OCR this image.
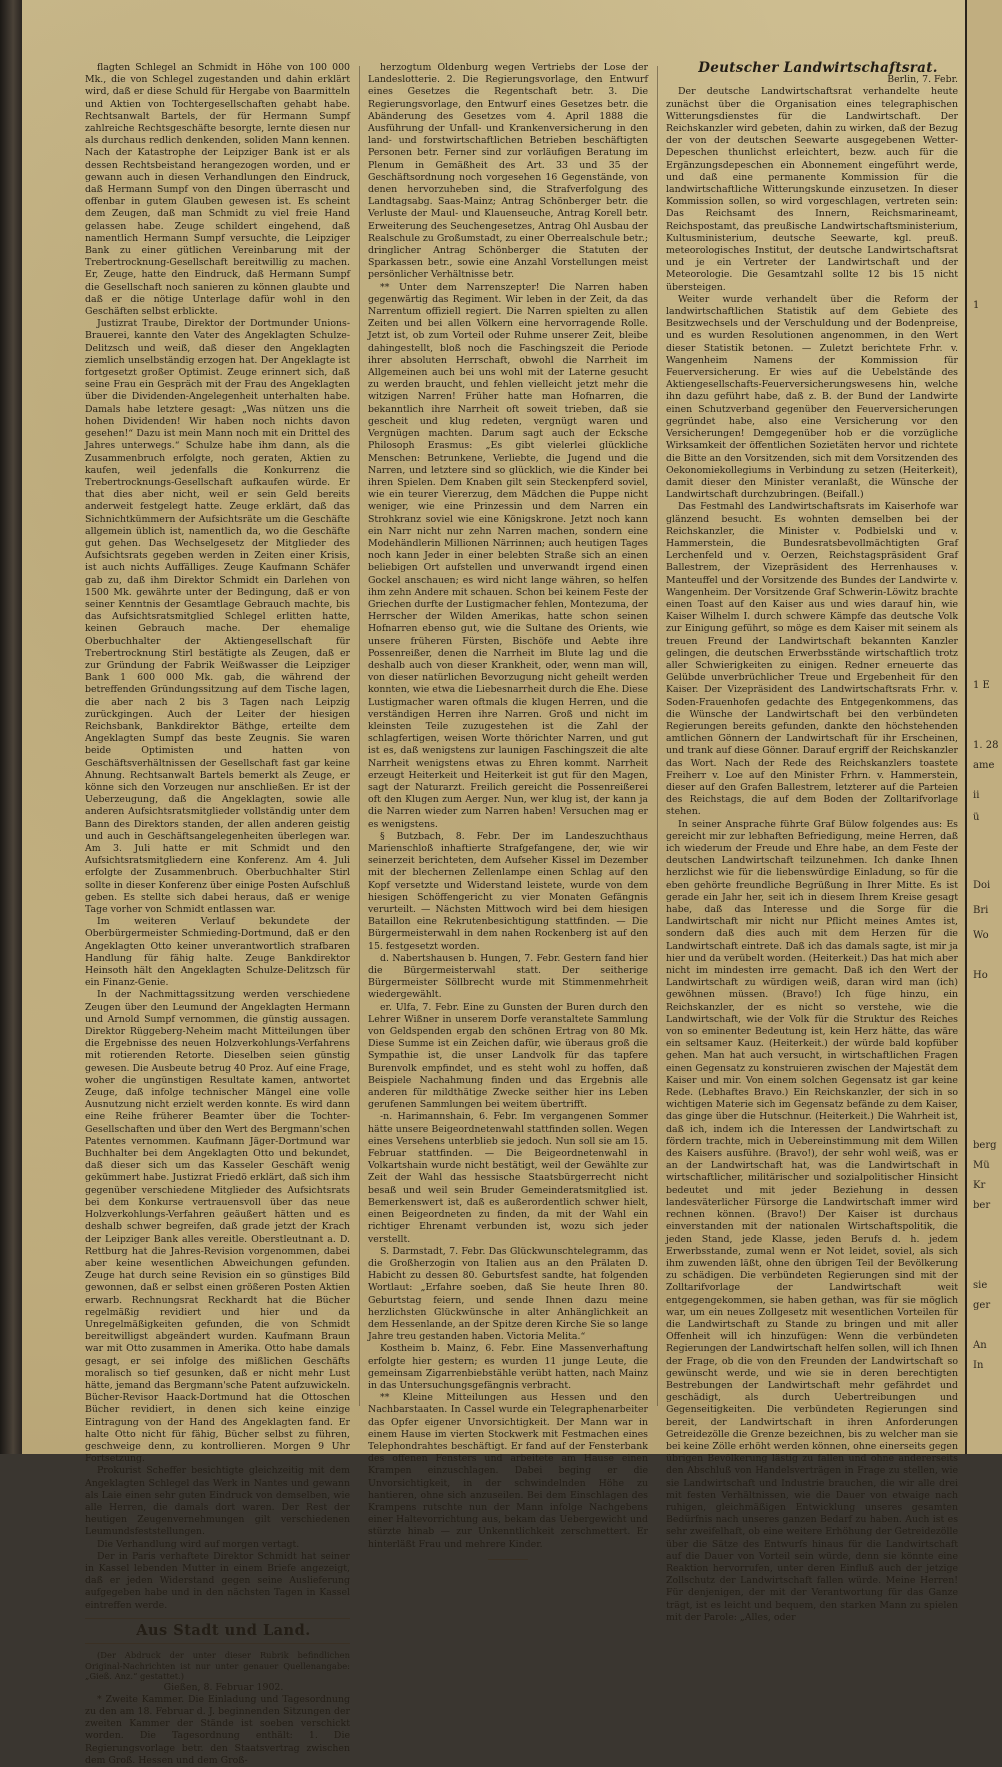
flagten Schlegel an Schmidt in Höhe von 100 000 Mk., die von Schlegel zugestanden und dahin erklärt wird, daß er diese Schuld für Hergabe von Baarmitteln und Aktien von Tochtergesellschaften gehabt habe. Rechtsanwalt Bartels, der für Hermann Sumpf zahlreiche Rechtsgeschäfte besorgte, lernte diesen nur als durchaus redlich denkenden, soliden Mann kennen. Nach der Katastrophe der Leipziger Bank ist er als dessen Rechtsbeistand herangezogen worden, und er gewann auch in diesen Verhandlungen den Eindruck, daß Hermann Sumpf von den Dingen überrascht und offenbar in gutem Glauben gewesen ist. Es scheint dem Zeugen, daß man Schmidt zu viel freie Hand gelassen habe. Zeuge schildert eingehend, daß namentlich Hermann Sumpf versuchte, die Leipziger Bank zu einer gütlichen Vereinbarung mit der Trebertrocknung-Gesellschaft bereitwillig zu machen. Er, Zeuge, hatte den Eindruck, daß Hermann Sumpf die Gesellschaft noch sanieren zu können glaubte und daß er die nötige Unterlage dafür wohl in den Geschäften selbst erblickte.

Justizrat Traube, Direktor der Dortmunder Unions-Brauerei, kannte den Vater des Angeklagten Schulze-Delitzsch und weiß, daß dieser den Angeklagten ziemlich unselbständig erzogen hat. Der Angeklagte ist fortgesetzt großer Optimist. Zeuge erinnert sich, daß seine Frau ein Gespräch mit der Frau des Angeklagten über die Dividenden-Angelegenheit unterhalten habe. Damals habe letztere gesagt: „Was nützen uns die hohen Dividenden! Wir haben noch nichts davon gesehen!“ Dazu ist mein Mann noch mit ein Drittel des Jahres unterwegs.“ Schulze habe ihm dann, als die Zusammenbruch erfolgte, noch geraten, Aktien zu kaufen, weil jedenfalls die Konkurrenz die Trebertrocknungs-Gesellschaft aufkaufen würde. Er that dies aber nicht, weil er sein Geld bereits anderweit festgelegt hatte. Zeuge erklärt, daß das Sichnichtkümmern der Aufsichtsräte um die Geschäfte allgemein üblich ist, namentlich da, wo die Geschäfte gut gehen. Das Wechselgesetz der Mitglieder des Aufsichtsrats gegeben werden in Zeiten einer Krisis, ist auch nichts Auffälliges. Zeuge Kaufmann Schäfer gab zu, daß ihm Direktor Schmidt ein Darlehen von 1500 Mk. gewährte unter der Bedingung, daß er von seiner Kenntnis der Gesamtlage Gebrauch machte, bis das Aufsichtsratsmitglied Schlegel erlitten hatte, keinen Gebrauch mache. Der ehemalige Oberbuchhalter der Aktiengesellschaft für Trebertrocknung Stirl bestätigte als Zeugen, daß er zur Gründung der Fabrik Weißwasser die Leipziger Bank 1 600 000 Mk. gab, die während der betreffenden Gründungssitzung auf dem Tische lagen, die aber nach 2 bis 3 Tagen nach Leipzig zurückgingen. Auch der Leiter der hiesigen Reichsbank, Bankdirektor Bäthge, erteilte dem Angeklagten Sumpf das beste Zeugnis. Sie waren beide Optimisten und hatten von Geschäftsverhältnissen der Gesellschaft fast gar keine Ahnung. Rechtsanwalt Bartels bemerkt als Zeuge, er könne sich den Vorzeugen nur anschließen. Er ist der Ueberzeugung, daß die Angeklagten, sowie alle anderen Aufsichtsratsmitglieder vollständig unter dem Bann des Direktors standen, der allen anderen geistig und auch in Geschäftsangelegenheiten überlegen war. Am 3. Juli hatte er mit Schmidt und den Aufsichtsratsmitgliedern eine Konferenz. Am 4. Juli erfolgte der Zusammenbruch. Oberbuchhalter Stirl sollte in dieser Konferenz über einige Posten Aufschluß geben. Es stellte sich dabei heraus, daß er wenige Tage vorher von Schmidt entlassen war.

Im weiteren Verlauf bekundete der Oberbürgermeister Schmieding-Dortmund, daß er den Angeklagten Otto keiner unverantwortlich strafbaren Handlung für fähig halte. Zeuge Bankdirektor Heinsoth hält den Angeklagten Schulze-Delitzsch für ein Finanz-Genie.

In der Nachmittagssitzung werden verschiedene Zeugen über den Leumund der Angeklagten Hermann und Arnold Sumpf vernommen, die günstig aussagen. Direktor Rüggeberg-Neheim macht Mitteilungen über die Ergebnisse des neuen Holzverkohlungs-Verfahrens mit rotierenden Retorte. Dieselben seien günstig gewesen. Die Ausbeute betrug 40 Proz. Auf eine Frage, woher die ungünstigen Resultate kamen, antwortet Zeuge, daß infolge technischer Mängel eine volle Ausnutzung nicht erzielt werden konnte. Es wird dann eine Reihe früherer Beamter über die Tochter-Gesellschaften und über den Wert des Bergmann'schen Patentes vernommen. Kaufmann Jäger-Dortmund war Buchhalter bei dem Angeklagten Otto und bekundet, daß dieser sich um das Kasseler Geschäft wenig gekümmert habe. Justizrat Friedö erklärt, daß sich ihm gegenüber verschiedene Mitglieder des Aufsichtsrats bei dem Konkurse vertrauensvoll über das neue Holzverkohlungs-Verfahren geäußert hätten und es deshalb schwer begreifen, daß grade jetzt der Krach der Leipziger Bank alles vereitle. Oberstleutnant a. D. Rettburg hat die Jahres-Revision vorgenommen, dabei aber keine wesentlichen Abweichungen gefunden. Zeuge hat durch seine Revision ein so günstiges Bild gewonnen, daß er selbst einen größeren Posten Aktien erwarb. Rechnungsrat Reckhardt hat die Bücher regelmäßig revidiert und hier und da Unregelmäßigkeiten gefunden, die von Schmidt bereitwilligst abgeändert wurden. Kaufmann Braun war mit Otto zusammen in Amerika. Otto habe damals gesagt, er sei infolge des mißlichen Geschäfts moralisch so tief gesunken, daß er nicht mehr Lust hätte, jemand das Bergmann'sche Patent aufzuwickeln. Bücher-Revisor Haack-Dortmund hat die Ottoschen Bücher revidiert, in denen sich keine einzige Eintragung von der Hand des Angeklagten fand. Er halte Otto nicht für fähig, Bücher selbst zu führen, geschweige denn, zu kontrollieren. Morgen 9 Uhr Fortsetzung.

Prokurist Scheffer besichtigte gleichzeitig mit dem Angeklagten Schlegel das Werk in Nantes und gewann als Laie einen sehr guten Eindruck von demselben, wie alle Herren, die damals dort waren. Der Rest der heutigen Zeugenvernehmungen gilt verschiedenen Leumundsfeststellungen.

Die Verhandlung wird auf morgen vertagt.

Der in Paris verhaftete Direktor Schmidt hat seiner in Kassel lebenden Mutter in einem Briefe angezeigt, daß er jeden Widerstand gegen seine Auslieferung aufgegeben habe und in den nächsten Tagen in Kassel eintreffen werde.

Aus Stadt und Land.

(Der Abdruck der unter dieser Rubrik befindlichen Original-Nachrichten ist nur unter genauer Quellenangabe: „Gieß. Anz.“ gestattet.)

Gießen, 8. Februar 1902.

* Zweite Kammer. Die Einladung und Tagesordnung zu den am 18. Februar d. J. beginnenden Sitzungen der zweiten Kammer der Stände ist soeben verschickt worden. Die Tagesordnung enthält: 1. Die Regierungsvorlage betr. den Staatsvertrag zwischen dem Groß. Hessen und dem Groß-

herzogtum Oldenburg wegen Vertriebs der Lose der Landeslotterie. 2. Die Regierungsvorlage, den Entwurf eines Gesetzes die Regentschaft betr. 3. Die Regierungsvorlage, den Entwurf eines Gesetzes betr. die Abänderung des Gesetzes vom 4. April 1888 die Ausführung der Unfall- und Krankenversicherung in den land- und forstwirtschaftlichen Betrieben beschäftigten Personen betr. Ferner sind zur vorläufigen Beratung im Plenum in Gemäßheit des Art. 33 und 35 der Geschäftsordnung noch vorgesehen 16 Gegenstände, von denen hervorzuheben sind, die Strafverfolgung des Landtagsabg. Saas-Mainz; Antrag Schönberger betr. die Verluste der Maul- und Klauenseuche, Antrag Korell betr. Erweiterung des Seuchengesetzes, Antrag Ohl Ausbau der Realschule zu Großumstadt, zu einer Oberrealschule betr.; dringlicher Antrag Schönberger die Statuten der Sparkassen betr., sowie eine Anzahl Vorstellungen meist persönlicher Verhältnisse betr.

** Unter dem Narrenszepter! Die Narren haben gegenwärtig das Regiment. Wir leben in der Zeit, da das Narrentum offiziell regiert. Die Narren spielten zu allen Zeiten und bei allen Völkern eine hervorragende Rolle. Jetzt ist, ob zum Vorteil oder Ruhme unserer Zeit, bleibe dahingestellt, bloß noch die Faschingszeit die Periode ihrer absoluten Herrschaft, obwohl die Narrheit im Allgemeinen auch bei uns wohl mit der Laterne gesucht zu werden braucht, und fehlen vielleicht jetzt mehr die witzigen Narren! Früher hatte man Hofnarren, die bekanntlich ihre Narrheit oft soweit trieben, daß sie gescheit und klug redeten, vergnügt waren und Vergnügen machten. Darum sagt auch der Ecksche Philosoph Erasmus: „Es gibt vielerlei glückliche Menschen: Betrunkene, Verliebte, die Jugend und die Narren, und letztere sind so glücklich, wie die Kinder bei ihren Spielen. Dem Knaben gilt sein Steckenpferd soviel, wie ein teurer Viererzug, dem Mädchen die Puppe nicht weniger, wie eine Prinzessin und dem Narren ein Strohkranz soviel wie eine Königskrone. Jetzt noch kann ein Narr nicht nur zehn Narren machen, sondern eine Modehändlerin Millionen Närrinnen; auch heutigen Tages noch kann Jeder in einer belebten Straße sich an einen beliebigen Ort aufstellen und unverwandt irgend einen Gockel anschauen; es wird nicht lange währen, so helfen ihm zehn Andere mit schauen. Schon bei keinem Feste der Griechen durfte der Lustigmacher fehlen, Montezuma, der Herrscher der Wilden Amerikas, hatte schon seinen Hofnarren ebenso gut, wie die Sultane des Orients, wie unsere früheren Fürsten, Bischöfe und Aebte ihre Possenreißer, denen die Narrheit im Blute lag und die deshalb auch von dieser Krankheit, oder, wenn man will, von dieser natürlichen Bevorzugung nicht geheilt werden konnten, wie etwa die Liebesnarrheit durch die Ehe. Diese Lustigmacher waren oftmals die klugen Herren, und die verständigen Herren ihre Narren. Groß und nicht im kleinsten Teile zuzugestehen ist die Zahl der schlagfertigen, weisen Worte thörichter Narren, und gut ist es, daß wenigstens zur launigen Faschingszeit die alte Narrheit wenigstens etwas zu Ehren kommt. Narrheit erzeugt Heiterkeit und Heiterkeit ist gut für den Magen, sagt der Naturarzt. Freilich gereicht die Possenreißerei oft den Klugen zum Aerger. Nun, wer klug ist, der kann ja die Narren wieder zum Narren haben! Versuchen mag er es wenigstens.

§ Butzbach, 8. Febr. Der im Landeszuchthaus Marienschloß inhaftierte Strafgefangene, der, wie wir seinerzeit berichteten, dem Aufseher Kissel im Dezember mit der blechernen Zellenlampe einen Schlag auf den Kopf versetzte und Widerstand leistete, wurde von dem hiesigen Schöffengericht zu vier Monaten Gefängnis verurteilt. — Nächsten Mittwoch wird bei dem hiesigen Bataillon eine Rekrutenbesichtigung stattfinden. — Die Bürgermeisterwahl in dem nahen Rockenberg ist auf den 15. festgesetzt worden.

d. Nabertshausen b. Hungen, 7. Febr. Gestern fand hier die Bürgermeisterwahl statt. Der seitherige Bürgermeister Söllbrecht wurde mit Stimmenmehrheit wiedergewählt.

er. Ulfa, 7. Febr. Eine zu Gunsten der Buren durch den Lehrer Wißner in unserem Dorfe veranstaltete Sammlung von Geldspenden ergab den schönen Ertrag von 80 Mk. Diese Summe ist ein Zeichen dafür, wie überaus groß die Sympathie ist, die unser Landvolk für das tapfere Burenvolk empfindet, und es steht wohl zu hoffen, daß Beispiele Nachahmung finden und das Ergebnis alle anderen für mildthätige Zwecke seither hier ins Leben gerufenen Sammlungen bei weitem übertrifft.

-n. Harimannshain, 6. Febr. Im vergangenen Sommer hätte unsere Beigeordnetenwahl stattfinden sollen. Wegen eines Versehens unterblieb sie jedoch. Nun soll sie am 15. Februar stattfinden. — Die Beigeordnetenwahl in Volkartshain wurde nicht bestätigt, weil der Gewählte zur Zeit der Wahl das hessische Staatsbürgerrecht nicht besaß und weil sein Bruder Gemeinderatsmitglied ist. Bemerkenswert ist, daß es außerordentlich schwer hielt, einen Beigeordneten zu finden, da mit der Wahl ein richtiger Ehrenamt verbunden ist, wozu sich jeder verstellt.

S. Darmstadt, 7. Febr. Das Glückwunschtelegramm, das die Großherzogin von Italien aus an den Prälaten D. Habicht zu dessen 80. Geburtsfest sandte, hat folgenden Wortlaut: „Erfahre soeben, daß Sie heute Ihren 80. Geburtstag feiern, und sende Ihnen dazu meine herzlichsten Glückwünsche in alter Anhänglichkeit an dem Hessenlande, an der Spitze deren Kirche Sie so lange Jahre treu gestanden haben. Victoria Melita.“

Kostheim b. Mainz, 6. Febr. Eine Massenverhaftung erfolgte hier gestern; es wurden 11 junge Leute, die gemeinsam Zigarrenbiebstähle verübt hatten, nach Mainz in das Untersuchungsgefängnis verbracht.

** Kleine Mitteilungen aus Hessen und den Nachbarstaaten. In Cassel wurde ein Telegraphenarbeiter das Opfer eigener Unvorsichtigkeit. Der Mann war in einem Hause im vierten Stockwerk mit Festmachen eines Telephondrahtes beschäftigt. Er fand auf der Fensterbank des offenen Fensters und arbeitete am Hause einen Krampen einzuschlagen. Dabei beging er die Unvorsichtigkeit, in der schwindelnden Höhe zu hantieren, ohne sich anzuseilen. Bei dem Einschlagen des Krampens rutschte nun der Mann infolge Nachgebens einer Haltevorrichtung aus, bekam das Uebergewicht und stürzte hinab — zur Unkenntlichkeit zerschmettert. Er hinterläßt Frau und mehrere Kinder.

Deutscher Landwirtschaftsrat.

Berlin, 7. Febr.

Der deutsche Landwirtschaftsrat verhandelte heute zunächst über die Organisation eines telegraphischen Witterungsdienstes für die Landwirtschaft. Der Reichskanzler wird gebeten, dahin zu wirken, daß der Bezug der von der deutschen Seewarte ausgegebenen Wetter-Depeschen thunlichst erleichtert, bezw. auch für die Ergänzungsdepeschen ein Abonnement eingeführt werde, und daß eine permanente Kommission für die landwirtschaftliche Witterungskunde einzusetzen. In dieser Kommission sollen, so wird vorgeschlagen, vertreten sein: Das Reichsamt des Innern, Reichsmarineamt, Reichspostamt, das preußische Landwirtschaftsministerium, Kultusministerium, deutsche Seewarte, kgl. preuß. meteorologisches Institut, der deutsche Landwirtschaftsrat und je ein Vertreter der Landwirtschaft und der Meteorologie. Die Gesamtzahl sollte 12 bis 15 nicht übersteigen.

Weiter wurde verhandelt über die Reform der landwirtschaftlichen Statistik auf dem Gebiete des Besitzwechsels und der Verschuldung und der Bodenpreise, und es wurden Resolutionen angenommen, in den Wert dieser Statistik betonen. — Zuletzt berichtete Frhr. v. Wangenheim Namens der Kommission für Feuerversicherung. Er wies auf die Uebelstände des Aktiengesellschafts-Feuerversicherungswesens hin, welche ihn dazu geführt habe, daß z. B. der Bund der Landwirte einen Schutzverband gegenüber den Feuerversicherungen gegründet habe, also eine Versicherung vor den Versicherungen! Demgegenüber hob er die vorzügliche Wirksamkeit der öffentlichen Sozietäten hervor und richtete die Bitte an den Vorsitzenden, sich mit dem Vorsitzenden des Oekonomiekollegiums in Verbindung zu setzen (Heiterkeit), damit dieser den Minister veranlaßt, die Wünsche der Landwirtschaft durchzubringen. (Beifall.)

Das Festmahl des Landwirtschaftsrats im Kaiserhofe war glänzend besucht. Es wohnten demselben bei der Reichskanzler, die Minister v. Podbielski und v. Hammerstein, die Bundesratsbevollmächtigten Graf Lerchenfeld und v. Oerzen, Reichstagspräsident Graf Ballestrem, der Vizepräsident des Herrenhauses v. Manteuffel und der Vorsitzende des Bundes der Landwirte v. Wangenheim. Der Vorsitzende Graf Schwerin-Löwitz brachte einen Toast auf den Kaiser aus und wies darauf hin, wie Kaiser Wilhelm I. durch schwere Kämpfe das deutsche Volk zur Einigung geführt, so möge es dem Kaiser mit seinem als treuen Freund der Landwirtschaft bekannten Kanzler gelingen, die deutschen Erwerbsstände wirtschaftlich trotz aller Schwierigkeiten zu einigen. Redner erneuerte das Gelübde unverbrüchlicher Treue und Ergebenheit für den Kaiser. Der Vizepräsident des Landwirtschaftsrats Frhr. v. Soden-Frauenhofen gedachte des Entgegenkommens, das die Wünsche der Landwirtschaft bei den verbündeten Regierungen bereits gefunden, dankte den höchstehenden amtlichen Gönnern der Landwirtschaft für ihr Erscheinen, und trank auf diese Gönner. Darauf ergriff der Reichskanzler das Wort. Nach der Rede des Reichskanzlers toastete Freiherr v. Loe auf den Minister Frhrn. v. Hammerstein, dieser auf den Grafen Ballestrem, letzterer auf die Parteien des Reichstags, die auf dem Boden der Zolltarifvorlage stehen.

In seiner Ansprache führte Graf Bülow folgendes aus: Es gereicht mir zur lebhaften Befriedigung, meine Herren, daß ich wiederum der Freude und Ehre habe, an dem Feste der deutschen Landwirtschaft teilzunehmen. Ich danke Ihnen herzlichst wie für die liebenswürdige Einladung, so für die eben gehörte freundliche Begrüßung in Ihrer Mitte. Es ist gerade ein Jahr her, seit ich in diesem Ihrem Kreise gesagt habe, daß das Interesse und die Sorge für die Landwirtschaft mir nicht nur Pflicht meines Amtes ist, sondern daß dies auch mit dem Herzen für die Landwirtschaft eintrete. Daß ich das damals sagte, ist mir ja hier und da verübelt worden. (Heiterkeit.) Das hat mich aber nicht im mindesten irre gemacht. Daß ich den Wert der Landwirtschaft zu würdigen weiß, daran wird man (ich) gewöhnen müssen. (Bravo!) Ich füge hinzu, ein Reichskanzler, der es nicht so verstehe, wie die Landwirtschaft, wie der Volk für die Struktur des Reiches von so eminenter Bedeutung ist, kein Herz hätte, das wäre ein seltsamer Kauz. (Heiterkeit.) der würde bald kopfüber gehen. Man hat auch versucht, in wirtschaftlichen Fragen einen Gegensatz zu konstruieren zwischen der Majestät dem Kaiser und mir. Von einem solchen Gegensatz ist gar keine Rede. (Lebhaftes Bravo.) Ein Reichskanzler, der sich in so wichtigen Materie sich im Gegensatz befände zu dem Kaiser, das ginge über die Hutschnur. (Heiterkeit.) Die Wahrheit ist, daß ich, indem ich die Interessen der Landwirtschaft zu fördern trachte, mich in Uebereinstimmung mit dem Willen des Kaisers ausführe. (Bravo!), der sehr wohl weiß, was er an der Landwirtschaft hat, was die Landwirtschaft in wirtschaftlicher, militärischer und sozialpolitischer Hinsicht bedeutet und mit jeder Beziehung in dessen landesväterlicher Fürsorge die Landwirtschaft immer wird rechnen können. (Bravo!) Der Kaiser ist durchaus einverstanden mit der nationalen Wirtschaftspolitik, die jeden Stand, jede Klasse, jeden Berufs d. h. jedem Erwerbsstande, zumal wenn er Not leidet, soviel, als sich ihm zuwenden läßt, ohne den übrigen Teil der Bevölkerung zu schädigen. Die verbündeten Regierungen sind mit der Zolltarifvorlage der Landwirtschaft weit entgegengekommen, sie haben gethan, was für sie möglich war, um ein neues Zollgesetz mit wesentlichen Vorteilen für die Landwirtschaft zu Stande zu bringen und mit aller Offenheit will ich hinzufügen: Wenn die verbündeten Regierungen der Landwirtschaft helfen sollen, will ich Ihnen der Frage, ob die von den Freunden der Landwirtschaft so gewünscht werde, und wie sie in deren berechtigten Bestrebungen der Landwirtschaft mehr gefährdet und geschädigt, als durch Uebertreibungen und Gegenseitigkeiten. Die verbündeten Regierungen sind bereit, der Landwirtschaft in ihren Anforderungen Getreidezölle die Grenze bezeichnen, bis zu welcher man sie bei keine Zölle erhöht werden können, ohne einerseits gegen übrigen Bevölkerung lästig zu fallen und ohne andererseits den Abschluß von Handelsverträgen in Frage zu stellen, wie sie Landwirtschaft und Industrie brauchen, die wir alle drei mit festen Verhältnissen, wie die Dauer von etwaige nach ruhigen, gleichmäßigen Entwicklung unseres gesamten Bedürfnis nach unseres ganzen Bedarf zu haben. Auch ist es sehr zweifelhaft, ob eine weitere Erhöhung der Getreidezölle über die Sätze des Entwurfs hinaus für die Landwirtschaft auf die Dauer von Vorteil sein würde, denn sie könnte eine Reaktion hervorrufen, unter deren Einfluß auch der jetzige Zollschutz der Landwirtschaft fallen würde. Meine Herren! Für denjenigen, der mit der Verantwortung für das Ganze trägt, ist es leicht und bequem, den starken Mann zu spielen mit der Parole: „Alles, oder

1
1 E
1. 28
ame
ii
ü
Doi
Bri
Wo
Ho
berg
Mü
Kr
ber
sie
ger
An
In
